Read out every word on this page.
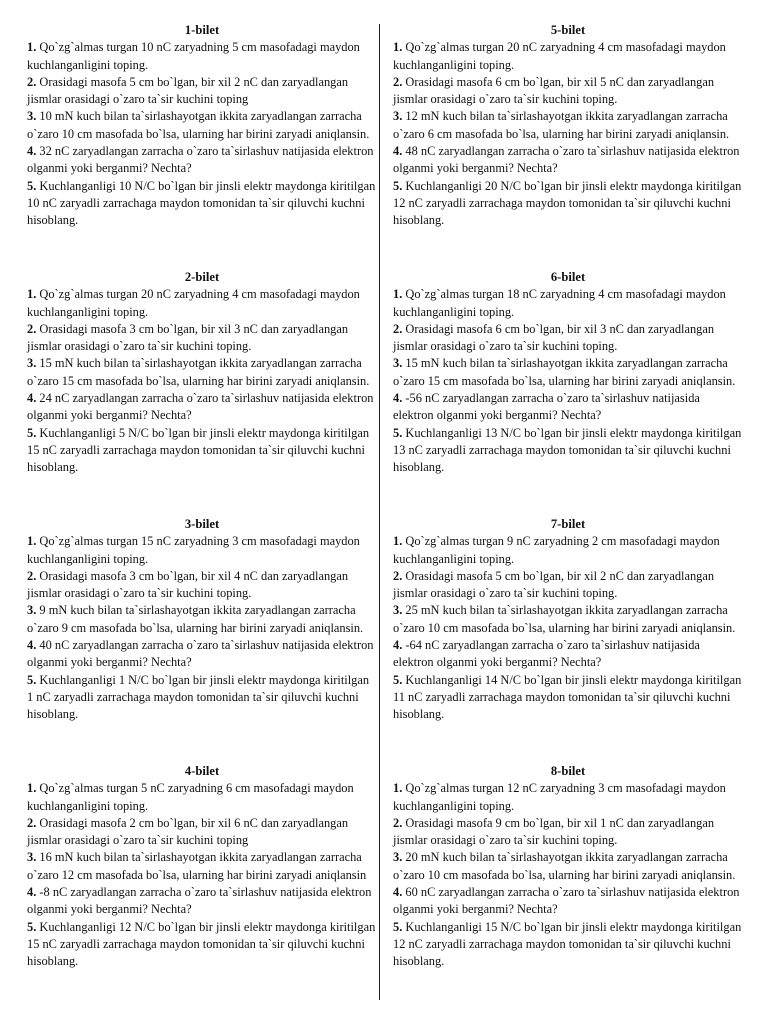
1-bilet

1. Qo`zg`almas turgan 10 nC zaryadning 5 cm masofadagi maydon kuchlanganligini toping.

2. Orasidagi masofa 5 cm bo`lgan, bir xil 2 nC dan zaryadlangan jismlar orasidagi o`zaro ta`sir kuchini toping

3. 10 mN kuch bilan ta`sirlashayotgan ikkita zaryadlangan zarracha o`zaro 10 cm masofada bo`lsa, ularning har birini zaryadi aniqlansin.

4. 32 nC zaryadlangan zarracha o`zaro ta`sirlashuv natijasida elektron olganmi yoki berganmi? Nechta?

5. Kuchlanganligi 10 N/C bo`lgan bir jinsli elektr maydonga kiritilgan 10 nC zaryadli zarrachaga maydon tomonidan ta`sir qiluvchi kuchni hisoblang.

2-bilet

1. Qo`zg`almas turgan 20 nC zaryadning 4 cm masofadagi maydon kuchlanganligini toping.

2. Orasidagi masofa 3 cm bo`lgan, bir xil 3 nC dan zaryadlangan jismlar orasidagi o`zaro ta`sir kuchini toping.

3. 15 mN kuch bilan ta`sirlashayotgan ikkita zaryadlangan zarracha o`zaro 15 cm masofada bo`lsa, ularning har birini zaryadi aniqlansin.

4. 24 nC zaryadlangan zarracha o`zaro ta`sirlashuv natijasida elektron olganmi yoki berganmi? Nechta?

5. Kuchlanganligi 5 N/C bo`lgan bir jinsli elektr maydonga kiritilgan 15 nC zaryadli zarrachaga maydon tomonidan ta`sir qiluvchi kuchni hisoblang.

3-bilet

1. Qo`zg`almas turgan 15 nC zaryadning 3 cm masofadagi maydon kuchlanganligini toping.

2. Orasidagi masofa 3 cm bo`lgan, bir xil 4 nC dan zaryadlangan jismlar orasidagi o`zaro ta`sir kuchini toping.

3. 9 mN kuch bilan ta`sirlashayotgan ikkita zaryadlangan zarracha o`zaro 9 cm masofada bo`lsa, ularning har birini zaryadi aniqlansin.

4. 40 nC zaryadlangan zarracha o`zaro ta`sirlashuv natijasida elektron olganmi yoki berganmi? Nechta?

5. Kuchlanganligi 1 N/C bo`lgan bir jinsli elektr maydonga kiritilgan 1 nC zaryadli zarrachaga maydon tomonidan ta`sir qiluvchi kuchni hisoblang.

4-bilet

1. Qo`zg`almas turgan 5 nC zaryadning 6 cm masofadagi maydon kuchlanganligini toping.

2. Orasidagi masofa 2 cm bo`lgan, bir xil 6 nC dan zaryadlangan jismlar orasidagi o`zaro ta`sir kuchini toping

3. 16 mN kuch bilan ta`sirlashayotgan ikkita zaryadlangan zarracha o`zaro 12 cm masofada bo`lsa, ularning har birini zaryadi aniqlansin

4. -8 nC zaryadlangan zarracha o`zaro ta`sirlashuv natijasida elektron olganmi yoki berganmi? Nechta?

5. Kuchlanganligi 12 N/C bo`lgan bir jinsli elektr maydonga kiritilgan 15 nC zaryadli zarrachaga maydon tomonidan ta`sir qiluvchi kuchni hisoblang.

5-bilet

1. Qo`zg`almas turgan 20 nC zaryadning 4 cm masofadagi maydon kuchlanganligini toping.

2. Orasidagi masofa 6 cm bo`lgan, bir xil 5 nC dan zaryadlangan jismlar orasidagi o`zaro ta`sir kuchini toping.

3. 12 mN kuch bilan ta`sirlashayotgan ikkita zaryadlangan zarracha o`zaro 6 cm masofada bo`lsa, ularning har birini zaryadi aniqlansin.

4. 48 nC zaryadlangan zarracha o`zaro ta`sirlashuv natijasida elektron olganmi yoki berganmi? Nechta?

5. Kuchlanganligi 20 N/C bo`lgan bir jinsli elektr maydonga kiritilgan 12 nC zaryadli zarrachaga maydon tomonidan ta`sir qiluvchi kuchni hisoblang.

6-bilet

1. Qo`zg`almas turgan 18 nC zaryadning 4 cm masofadagi maydon kuchlanganligini toping.

2. Orasidagi masofa 6 cm bo`lgan, bir xil 3 nC dan zaryadlangan jismlar orasidagi o`zaro ta`sir kuchini toping.

3. 15 mN kuch bilan ta`sirlashayotgan ikkita zaryadlangan zarracha o`zaro 15 cm masofada bo`lsa, ularning har birini zaryadi aniqlansin.

4. -56 nC zaryadlangan zarracha o`zaro ta`sirlashuv natijasida elektron olganmi yoki berganmi? Nechta?

5. Kuchlanganligi 13 N/C bo`lgan bir jinsli elektr maydonga kiritilgan 13 nC zaryadli zarrachaga maydon tomonidan ta`sir qiluvchi kuchni hisoblang.

7-bilet

1. Qo`zg`almas turgan 9 nC zaryadning 2 cm masofadagi maydon kuchlanganligini toping.

2. Orasidagi masofa 5 cm bo`lgan, bir xil 2 nC dan zaryadlangan jismlar orasidagi o`zaro ta`sir kuchini toping.

3. 25 mN kuch bilan ta`sirlashayotgan ikkita zaryadlangan zarracha o`zaro 10 cm masofada bo`lsa, ularning har birini zaryadi aniqlansin.

4. -64 nC zaryadlangan zarracha o`zaro ta`sirlashuv natijasida elektron olganmi yoki berganmi? Nechta?

5. Kuchlanganligi 14 N/C bo`lgan bir jinsli elektr maydonga kiritilgan 11 nC zaryadli zarrachaga maydon tomonidan ta`sir qiluvchi kuchni hisoblang.

8-bilet

1. Qo`zg`almas turgan 12 nC zaryadning 3 cm masofadagi maydon kuchlanganligini toping.

2. Orasidagi masofa 9 cm bo`lgan, bir xil 1 nC dan zaryadlangan jismlar orasidagi o`zaro ta`sir kuchini toping.

3. 20 mN kuch bilan ta`sirlashayotgan ikkita zaryadlangan zarracha o`zaro 10 cm masofada bo`lsa, ularning har birini zaryadi aniqlansin.

4. 60 nC zaryadlangan zarracha o`zaro ta`sirlashuv natijasida elektron olganmi yoki berganmi? Nechta?

5. Kuchlanganligi 15 N/C bo`lgan bir jinsli elektr maydonga kiritilgan 12 nC zaryadli zarrachaga maydon tomonidan ta`sir qiluvchi kuchni hisoblang.
